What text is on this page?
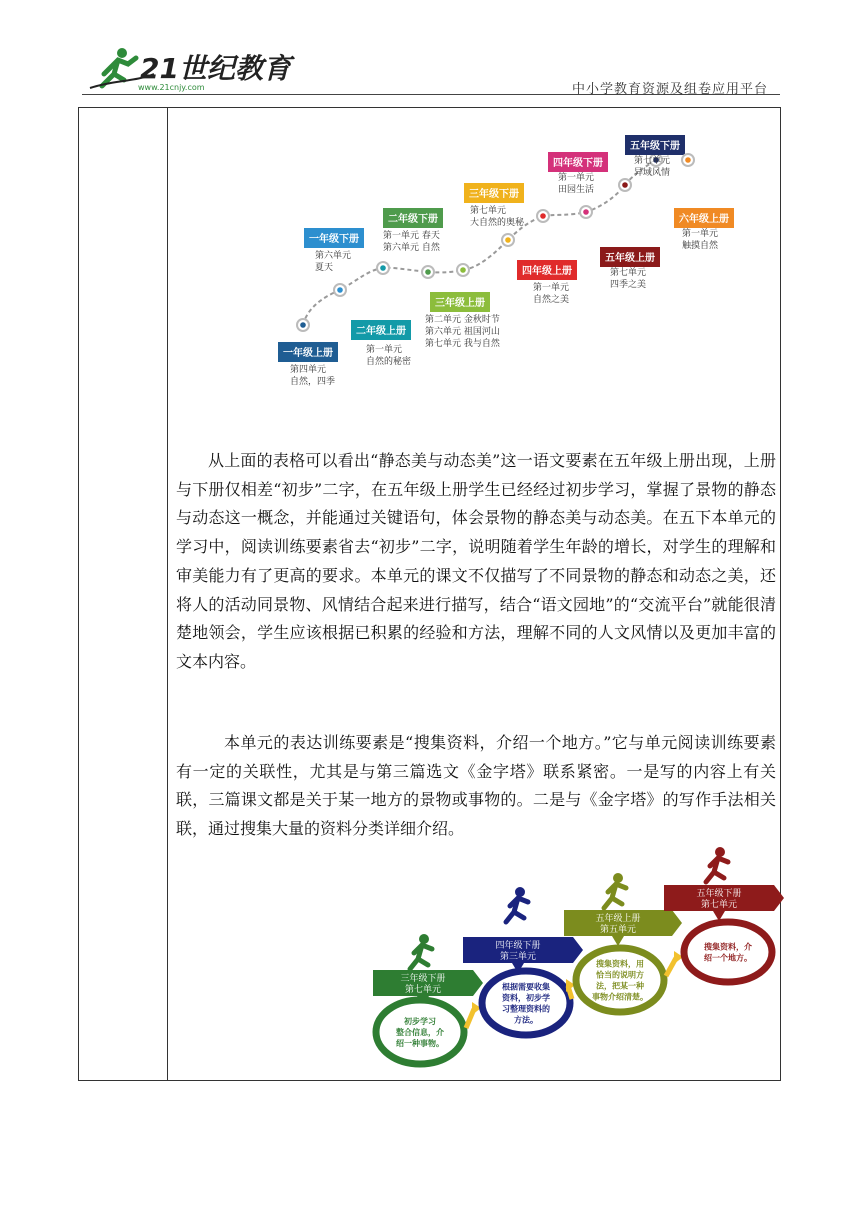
21世纪教育
www.21cnjy.com	中小学教育资源及组卷应用平台
一年级上册
第四单元
自然，四季
一年级下册
第六单元
夏天
二年级上册
第一单元
自然的秘密
二年级下册
第一单元 春天
第六单元 自然
三年级上册
第二单元 金秋时节
第六单元 祖国河山
第七单元 我与自然
三年级下册
第七单元
大自然的奥秘
四年级上册
第一单元
自然之美
四年级下册
第一单元
田园生活
五年级上册
第七单元
四季之美
五年级下册
第七单元
异域风情
六年级上册
第一单元
触摸自然
从上面的表格可以看出“静态美与动态美”这一语文要素在五年级上册出现，上册与下册仅相差“初步”二字，在五年级上册学生已经经过初步学习，掌握了景物的静态与动态这一概念，并能通过关键语句，体会景物的静态美与动态美。在五下本单元的学习中，阅读训练要素省去“初步”二字，说明随着学生年龄的增长，对学生的理解和审美能力有了更高的要求。本单元的课文不仅描写了不同景物的静态和动态之美，还将人的活动同景物、风情结合起来进行描写，结合“语文园地”的“交流平台”就能很清楚地领会，学生应该根据已积累的经验和方法，理解不同的人文风情以及更加丰富的文本内容。
本单元的表达训练要素是“搜集资料，介绍一个地方。”它与单元阅读训练要素有一定的关联性，尤其是与第三篇选文《金字塔》联系紧密。一是写的内容上有关联，三篇课文都是关于某一地方的景物或事物的。二是与《金字塔》的写作手法相关联，通过搜集大量的资料分类详细介绍。
三年级下册
第七单元
初步学习
整合信息，介
绍一种事物。
四年级下册
第三单元
根据需要收集
资料，初步学
习整理资料的
方法。
五年级上册
第五单元
搜集资料，用
恰当的说明方
法，把某一种
事物介绍清楚。
五年级下册
第七单元
搜集资料，介
绍一个地方。
